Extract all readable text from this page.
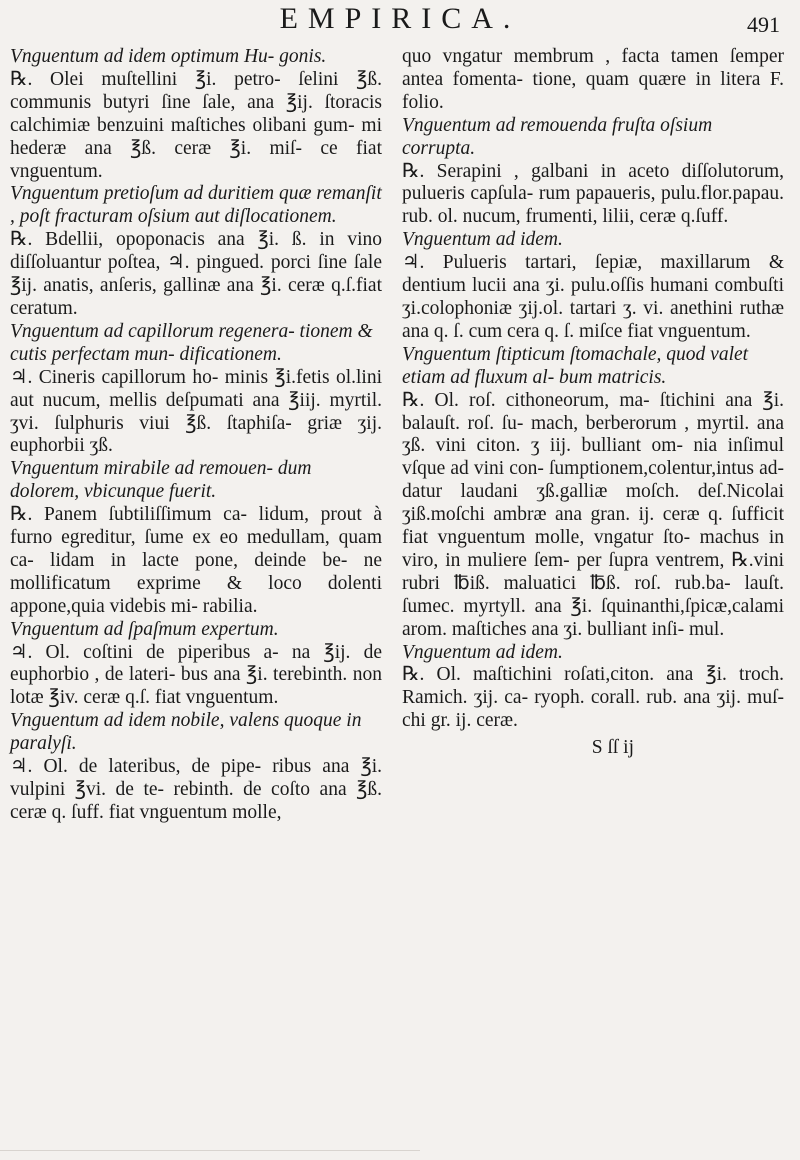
EMPIRICA.	491

Vnguentum ad idem optimum Hu- gonis.

℞. Olei muſtellini ℥i. petro- ſelini ℥ß. communis butyri ſine ſale, ana ℥ij. ſtoracis calchimiæ benzuini maſtiches olibani gum- mi hederæ ana ℥ß. ceræ ℥i. miſ- ce fiat vnguentum.

Vnguentum pretioſum ad duritiem quæ remanſit , poſt fracturam oſsium aut diſlocationem.

℞. Bdellii, opoponacis ana ℥i. ß. in vino diſſoluantur poſtea, ♃. pingued. porci ſine ſale ℥ij. anatis, anſeris, gallinæ ana ℥i. ceræ q.ſ.fiat ceratum.

Vnguentum ad capillorum regenera- tionem & cutis perfectam mun- dificationem.

♃. Cineris capillorum ho- minis ℥i.fetis ol.lini aut nucum, mellis deſpumati ana ℥iij. myrtil. ʒvi. ſulphuris viui ℥ß. ſtaphiſa- griæ ʒij. euphorbii ʒß.

Vnguentum mirabile ad remouen- dum dolorem, vbicunque fuerit.

℞. Panem ſubtiliſſimum ca- lidum, prout à furno egreditur, ſume ex eo medullam, quam ca- lidam in lacte pone, deinde be- ne mollificatum exprime & loco dolenti appone,quia videbis mi- rabilia.

Vnguentum ad ſpaſmum expertum.

♃. Ol. coſtini de piperibus a- na ℥ij. de euphorbio , de lateri- bus ana ℥i. terebinth. non lotæ ℥iv. ceræ q.ſ. fiat vnguentum.

Vnguentum ad idem nobile, valens quoque in paralyſi.

♃. Ol. de lateribus, de pipe- ribus ana ℥i. vulpini ℥vi. de te- rebinth. de coſto ana ℥ß. ceræ q. ſuff. fiat vnguentum molle,

quo vngatur membrum , facta tamen ſemper antea fomenta- tione, quam quære in litera F. folio.

Vnguentum ad remouenda fruſta oſsium corrupta.

℞. Serapini , galbani in aceto diſſolutorum, pulueris capſula- rum papaueris, pulu.flor.papau. rub. ol. nucum, frumenti, lilii, ceræ q.ſuff.

Vnguentum ad idem.

♃. Pulueris tartari, ſepiæ, maxillarum & dentium lucii ana ʒi. pulu.oſſis humani combuſti ʒi.colophoniæ ʒij.ol. tartari ʒ. vi. anethini ruthæ ana q. ſ. cum cera q. ſ. miſce fiat vnguentum.

Vnguentum ſtipticum ſtomachale, quod valet etiam ad fluxum al- bum matricis.

℞. Ol. roſ. cithoneorum, ma- ſtichini ana ℥i. balauſt. roſ. ſu- mach, berberorum , myrtil. ana ʒß. vini citon. ʒ iij. bulliant om- nia inſimul vſque ad vini con- ſumptionem,colentur,intus ad- datur laudani ʒß.galliæ moſch. deſ.Nicolai ʒiß.moſchi ambræ ana gran. ij. ceræ q. ſufficit fiat vnguentum molle, vngatur ſto- machus in viro, in muliere ſem- per ſupra ventrem, ℞.vini rubri ℔iß. maluatici ℔ß. roſ. rub.ba- lauſt. ſumec. myrtyll. ana ℥i. ſquinanthi,ſpicæ,calami arom. maſtiches ana ʒi. bulliant inſi- mul.

Vnguentum ad idem.

℞. Ol. maſtichini roſati,citon. ana ℥i. troch. Ramich. ʒij. ca- ryoph. corall. rub. ana ʒij. muſ- chi gr. ij. ceræ.

S ſſ ij
